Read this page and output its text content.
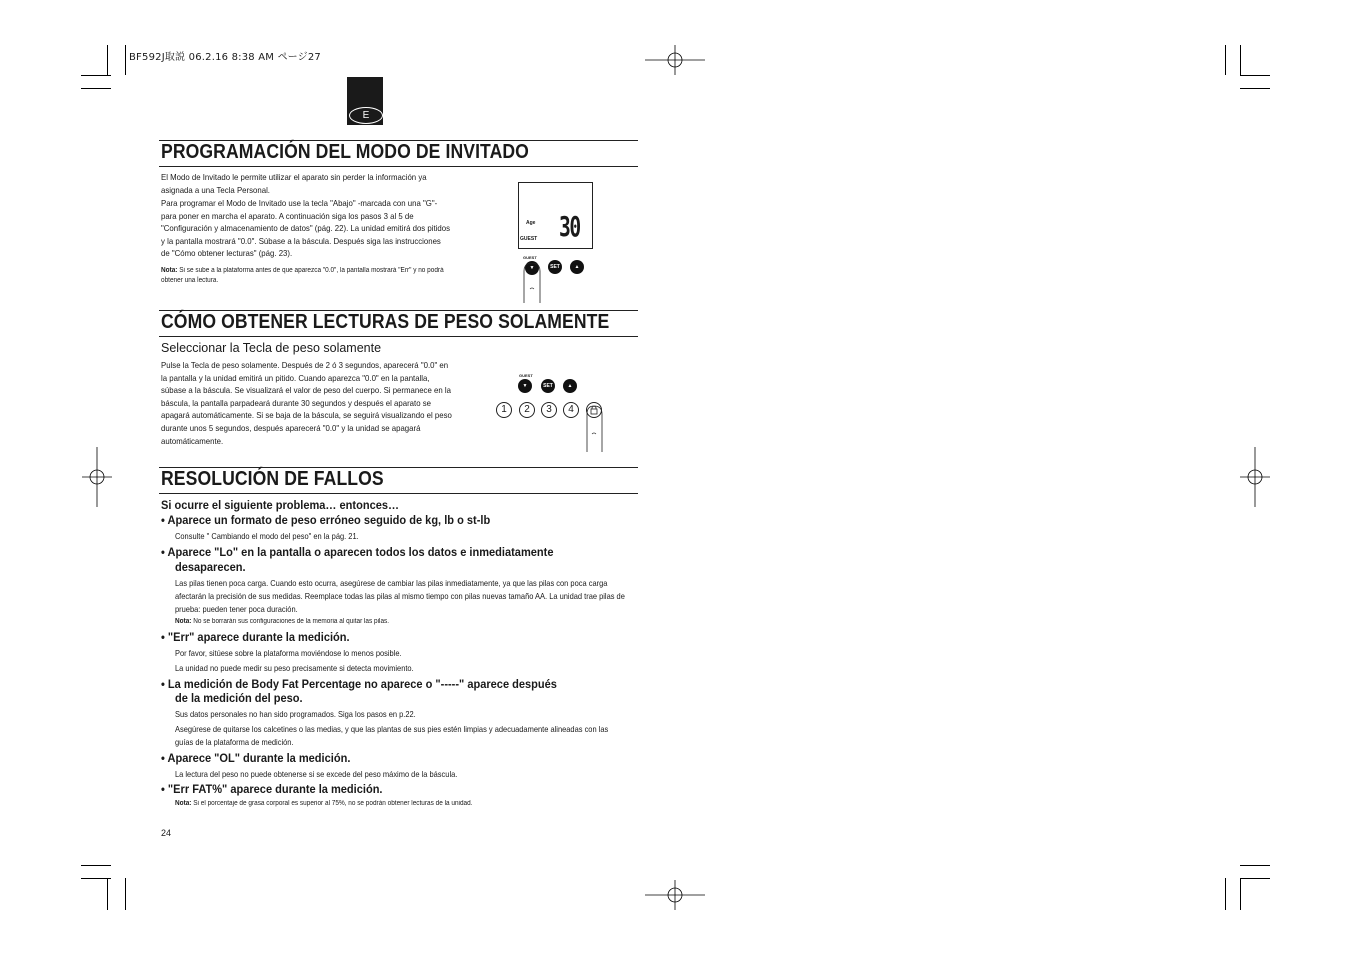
BF592J取説 06.2.16 8:38 AM ページ27
E
PROGRAMACIÓN DEL MODO DE INVITADO
El Modo de Invitado le permite utilizar el aparato sin perder la información ya asignada a una Tecla Personal.
Para programar el Modo de Invitado use la tecla "Abajo" -marcada con una "G"- para poner en marcha el aparato. A continuación siga los pasos 3 al 5 de "Configuración y almacenamiento de datos" (pág. 22). La unidad emitirá dos pitidos y la pantalla mostrará "0.0". Súbase a la báscula. Después siga las instrucciones de "Cómo obtener lecturas" (pág. 23).
Nota: Si se sube a la plataforma antes de que aparezca "0.0", la pantalla mostrará "Err" y no podrá obtener una lectura.
Age
GUEST 30
GUEST
▼	SET	▲
CÓMO OBTENER LECTURAS DE PESO SOLAMENTE
Seleccionar la Tecla de peso solamente
Pulse la Tecla de peso solamente. Después de 2 ó 3 segundos, aparecerá "0.0" en la pantalla y la unidad emitirá un pitido. Cuando aparezca "0.0" en la pantalla, súbase a la báscula. Se visualizará el valor de peso del cuerpo. Si permanece en la báscula, la pantalla parpadeará durante 30 segundos y después el aparato se apagará automáticamente. Si se baja de la báscula, se seguirá visualizando el peso durante unos 5 segundos, después aparecerá "0.0" y la unidad se apagará automáticamente.
GUEST
▼	SET	▲
1	2	3	4
RESOLUCIÓN DE FALLOS
Si ocurre el siguiente problema… entonces…
• Aparece un formato de peso erróneo seguido de kg, lb o st-lb
Consulte " Cambiando el modo del peso" en la pág. 21.
• Aparece "Lo" en la pantalla o aparecen todos los datos e inmediatamente
desaparecen.
Las pilas tienen poca carga. Cuando esto ocurra, asegúrese de cambiar las pilas inmediatamente, ya que las pilas con poca carga afectarán la precisión de sus medidas. Reemplace todas las pilas al mismo tiempo con pilas nuevas tamaño AA. La unidad trae pilas de prueba: pueden tener poca duración.
Nota: No se borrarán sus configuraciones de la memoria al quitar las pilas.
• "Err" aparece durante la medición.
Por favor, sitúese sobre la plataforma moviéndose lo menos posible.
La unidad no puede medir su peso precisamente si detecta movimiento.
• La medición de Body Fat Percentage no aparece o "-----" aparece después
de la medición del peso.
Sus datos personales no han sido programados. Siga los pasos en p.22.
Asegúrese de quitarse los calcetines o las medias, y que las plantas de sus pies estén limpias y adecuadamente alineadas con las guías de la plataforma de medición.
• Aparece "OL" durante la medición.
La lectura del peso no puede obtenerse si se excede del peso máximo de la báscula.
• "Err FAT%" aparece durante la medición.
Nota: Si el porcentaje de grasa corporal es superior al 75%, no se podrán obtener lecturas de la unidad.
24
